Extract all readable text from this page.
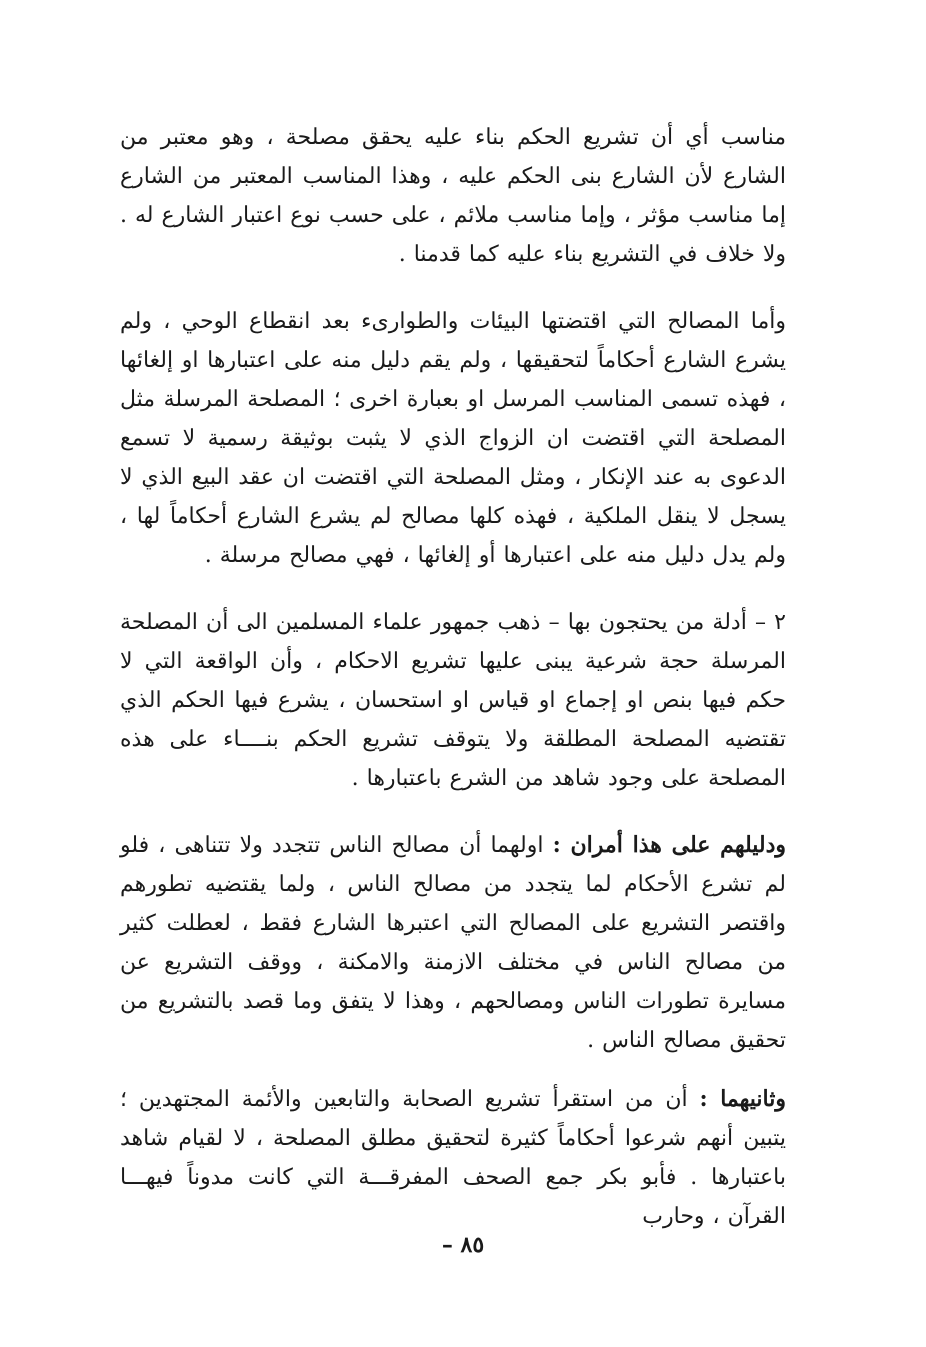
مناسب أي أن تشريع الحكم بناء عليه يحقق مصلحة ، وهو معتبر من الشارع لأن الشارع بنى الحكم عليه ، وهذا المناسب المعتبر من الشارع إما مناسب مؤثر ، وإما مناسب ملائم ، على حسب نوع اعتبار الشارع له . ولا خلاف في التشريع بناء عليه كما قدمنا .

وأما المصالح التي اقتضتها البيئات والطوارىء بعد انقطاع الوحي ، ولم يشرع الشارع أحكاماً لتحقيقها ، ولم يقم دليل منه على اعتبارها او إلغائها ، فهذه تسمى المناسب المرسل او بعبارة اخرى ؛ المصلحة المرسلة مثل المصلحة التي اقتضت ان الزواج الذي لا يثبت بوثيقة رسمية لا تسمع الدعوى به عند الإنكار ، ومثل المصلحة التي اقتضت ان عقد البيع الذي لا يسجل لا ينقل الملكية ، فهذه كلها مصالح لم يشرع الشارع أحكاماً لها ، ولم يدل دليل منه على اعتبارها أو إلغائها ، فهي مصالح مرسلة .

٢ – أدلة من يحتجون بها – ذهب جمهور علماء المسلمين الى أن المصلحة المرسلة حجة شرعية يبنى عليها تشريع الاحكام ، وأن الواقعة التي لا حكم فيها بنص او إجماع او قياس او استحسان ، يشرع فيها الحكم الذي تقتضيه المصلحة المطلقة ولا يتوقف تشريع الحكم بنــــاء على هذه المصلحة على وجود شاهد من الشرع باعتبارها .

ودليلهم على هذا أمران : اولهما أن مصالح الناس تتجدد ولا تتناهى ، فلو لم تشرع الأحكام لما يتجدد من مصالح الناس ، ولما يقتضيه تطورهم واقتصر التشريع على المصالح التي اعتبرها الشارع فقط ، لعطلت كثير من مصالح الناس في مختلف الازمنة والامكنة ، ووقف التشريع عن مسايرة تطورات الناس ومصالحهم ، وهذا لا يتفق وما قصد بالتشريع من تحقيق مصالح الناس .

وثانيهما : أن من استقرأ تشريع الصحابة والتابعين والأئمة المجتهدين ؛ يتبين أنهم شرعوا أحكاماً كثيرة لتحقيق مطلق المصلحة ، لا لقيام شاهد باعتبارها . فأبو بكر جمع الصحف المفرقـــة التي كانت مدوناً فيهـــا القرآن ، وحارب

٨٥ –
